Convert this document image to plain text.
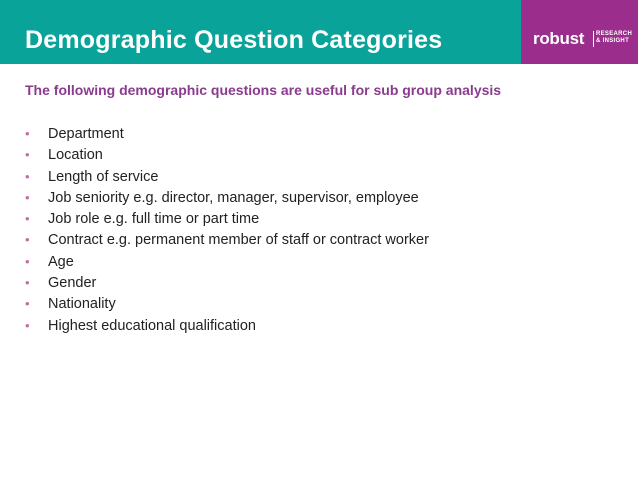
Demographic Question Categories	robust RESEARCH
& INSIGHT
The following demographic questions are useful for sub group analysis
• Department
• Location
• Length of service
• Job seniority e.g. director, manager, supervisor, employee
• Job role e.g. full time or part time
• Contract e.g. permanent member of staff or contract worker
• Age
• Gender
• Nationality
• Highest educational qualification
